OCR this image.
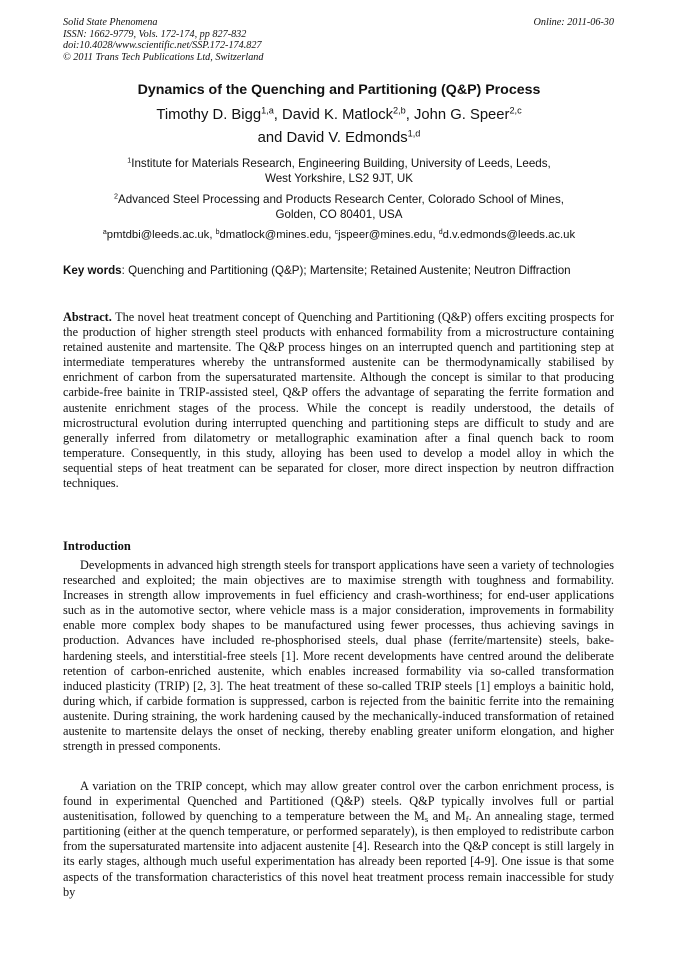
Solid State Phenomena
ISSN: 1662-9779, Vols. 172-174, pp 827-832
doi:10.4028/www.scientific.net/SSP.172-174.827
© 2011 Trans Tech Publications Ltd, Switzerland
Online: 2011-06-30
Dynamics of the Quenching and Partitioning (Q&P) Process
Timothy D. Bigg$^{1,a}$, David K. Matlock$^{2,b}$, John G. Speer$^{2,c}$
and David V. Edmonds$^{1,d}$
$^1$Institute for Materials Research, Engineering Building, University of Leeds, Leeds,
West Yorkshire, LS2 9JT, UK
$^2$Advanced Steel Processing and Products Research Center, Colorado School of Mines,
Golden, CO 80401, USA
$^a$pmtdbi@leeds.ac.uk, $^b$dmatlock@mines.edu, $^c$jspeer@mines.edu, $^d$d.v.edmonds@leeds.ac.uk
Key words: Quenching and Partitioning (Q&P); Martensite; Retained Austenite; Neutron Diffraction
Abstract. The novel heat treatment concept of Quenching and Partitioning (Q&P) offers exciting prospects for the production of higher strength steel products with enhanced formability from a microstructure containing retained austenite and martensite. The Q&P process hinges on an interrupted quench and partitioning step at intermediate temperatures whereby the untransformed austenite can be thermodynamically stabilised by enrichment of carbon from the supersaturated martensite. Although the concept is similar to that producing carbide-free bainite in TRIP-assisted steel, Q&P offers the advantage of separating the ferrite formation and austenite enrichment stages of the process. While the concept is readily understood, the details of microstructural evolution during interrupted quenching and partitioning steps are difficult to study and are generally inferred from dilatometry or metallographic examination after a final quench back to room temperature. Consequently, in this study, alloying has been used to develop a model alloy in which the sequential steps of heat treatment can be separated for closer, more direct inspection by neutron diffraction techniques.
Introduction
Developments in advanced high strength steels for transport applications have seen a variety of technologies researched and exploited; the main objectives are to maximise strength with toughness and formability. Increases in strength allow improvements in fuel efficiency and crash-worthiness; for end-user applications such as in the automotive sector, where vehicle mass is a major consideration, improvements in formability enable more complex body shapes to be manufactured using fewer processes, thus achieving savings in production. Advances have included re-phosphorised steels, dual phase (ferrite/martensite) steels, bake-hardening steels, and interstitial-free steels [1]. More recent developments have centred around the deliberate retention of carbon-enriched austenite, which enables increased formability via so-called transformation induced plasticity (TRIP) [2, 3]. The heat treatment of these so-called TRIP steels [1] employs a bainitic hold, during which, if carbide formation is suppressed, carbon is rejected from the bainitic ferrite into the remaining austenite. During straining, the work hardening caused by the mechanically-induced transformation of retained austenite to martensite delays the onset of necking, thereby enabling greater uniform elongation, and higher strength in pressed components.
A variation on the TRIP concept, which may allow greater control over the carbon enrichment process, is found in experimental Quenched and Partitioned (Q&P) steels. Q&P typically involves full or partial austenitisation, followed by quenching to a temperature between the $M_s$ and $M_f$. An annealing stage, termed partitioning (either at the quench temperature, or performed separately), is then employed to redistribute carbon from the supersaturated martensite into adjacent austenite [4]. Research into the Q&P concept is still largely in its early stages, although much useful experimentation has already been reported [4-9]. One issue is that some aspects of the transformation characteristics of this novel heat treatment process remain inaccessible for study by
